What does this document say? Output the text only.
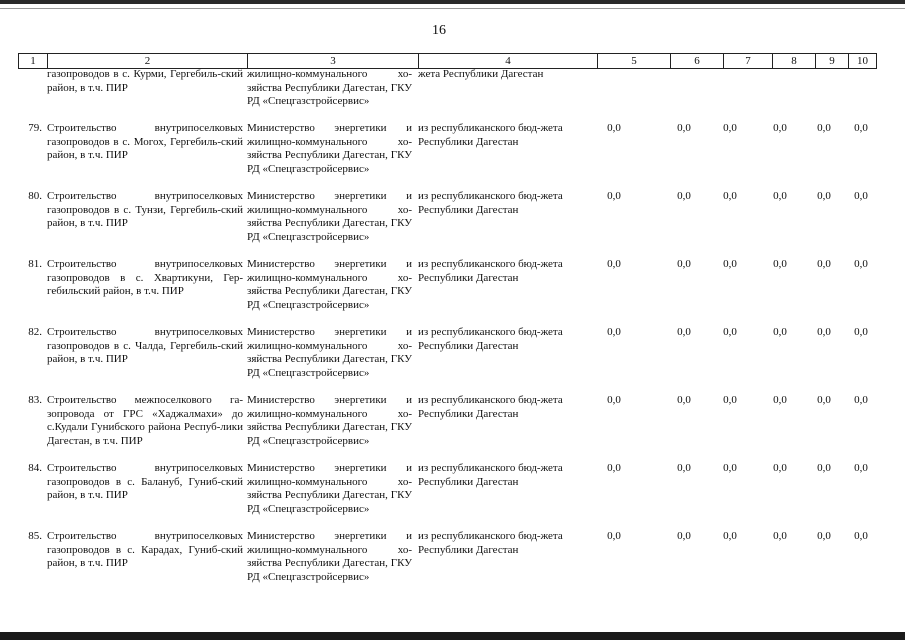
16
1	2	3	4	5	6	7	8	9	10
газопроводов в с. Курми, Гергебиль-ский район, в т.ч. ПИР
жилищно-коммунального хо-зяйства Республики Дагестан, ГКУ РД «Спецгазстройсервис»
жета Республики Дагестан
79. Строительство внутрипоселковых газопроводов в с. Могох, Гергебиль-ский район, в т.ч. ПИР
Министерство энергетики и жилищно-коммунального хо-зяйства Республики Дагестан, ГКУ РД «Спецгазстройсервис»
из республиканского бюд-жета Республики Дагестан
0,0	0,0	0,0	0,0	0,0	0,0
80. Строительство внутрипоселковых газопроводов в с. Тунзи, Гергебиль-ский район, в т.ч. ПИР
Министерство энергетики и жилищно-коммунального хо-зяйства Республики Дагестан, ГКУ РД «Спецгазстройсервис»
из республиканского бюд-жета Республики Дагестан
0,0	0,0	0,0	0,0	0,0	0,0
81. Строительство внутрипоселковых газопроводов в с. Хвартикуни, Гер-гебильский район, в т.ч. ПИР
Министерство энергетики и жилищно-коммунального хо-зяйства Республики Дагестан, ГКУ РД «Спецгазстройсервис»
из республиканского бюд-жета Республики Дагестан
0,0	0,0	0,0	0,0	0,0	0,0
82. Строительство внутрипоселковых газопроводов в с. Чалда, Гергебиль-ский район, в т.ч. ПИР
Министерство энергетики и жилищно-коммунального хо-зяйства Республики Дагестан, ГКУ РД «Спецгазстройсервис»
из республиканского бюд-жета Республики Дагестан
0,0	0,0	0,0	0,0	0,0	0,0
83. Строительство межпоселкового га-зопровода от ГРС «Хаджалмахи» до с.Кудали Гунибского района Респуб-лики Дагестан, в т.ч. ПИР
Министерство энергетики и жилищно-коммунального хо-зяйства Республики Дагестан, ГКУ РД «Спецгазстройсервис»
из республиканского бюд-жета Республики Дагестан
0,0	0,0	0,0	0,0	0,0	0,0
84. Строительство внутрипоселковых газопроводов в с. Балануб, Гуниб-ский район, в т.ч. ПИР
Министерство энергетики и жилищно-коммунального хо-зяйства Республики Дагестан, ГКУ РД «Спецгазстройсервис»
из республиканского бюд-жета Республики Дагестан
0,0	0,0	0,0	0,0	0,0	0,0
85. Строительство внутрипоселковых газопроводов в с. Карадах, Гуниб-ский район, в т.ч. ПИР
Министерство энергетики и жилищно-коммунального хо-зяйства Республики Дагестан, ГКУ РД «Спецгазстройсервис»
из республиканского бюд-жета Республики Дагестан
0,0	0,0	0,0	0,0	0,0	0,0
